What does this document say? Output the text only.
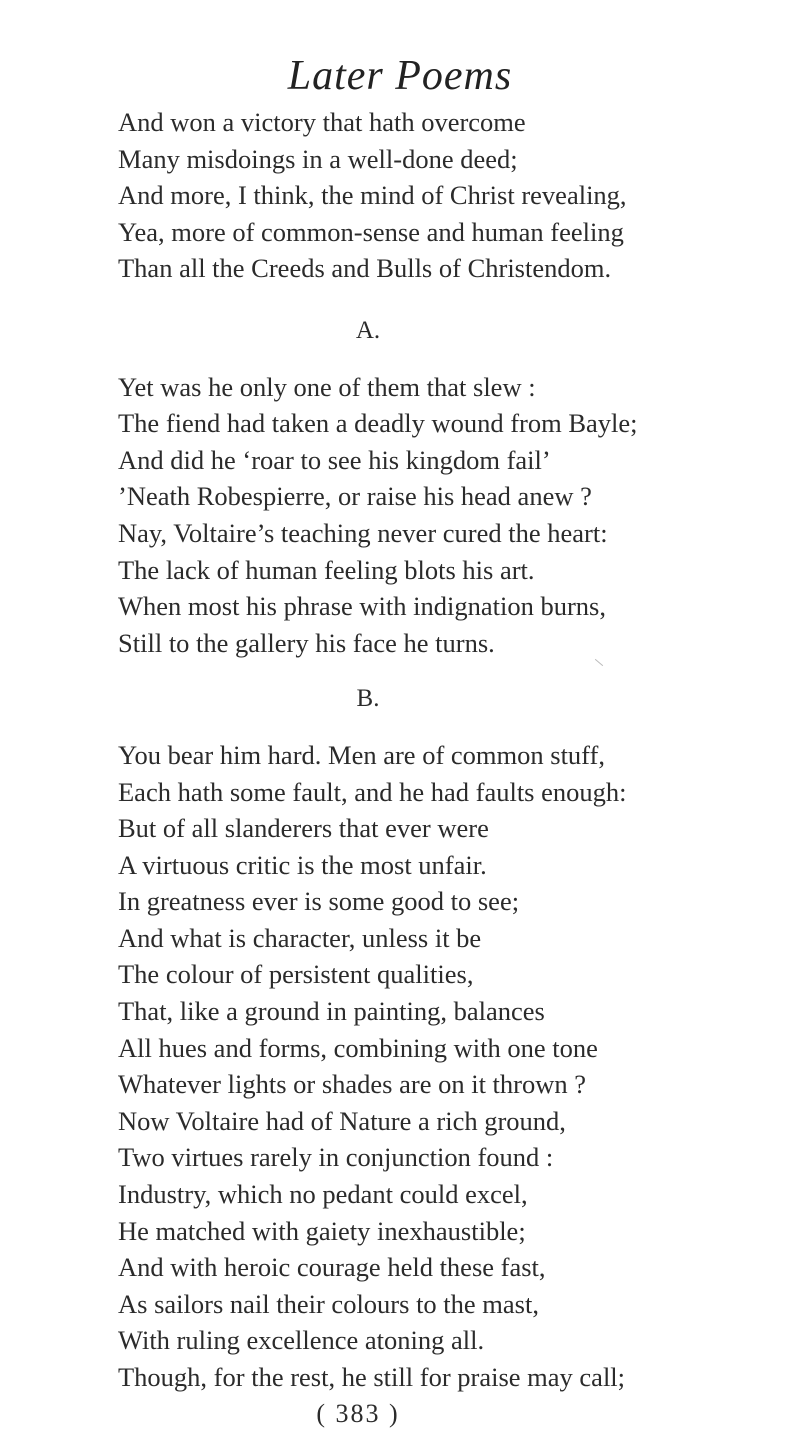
Later Poems
And won a victory that hath overcome
Many misdoings in a well-done deed;
And more, I think, the mind of Christ revealing,
Yea, more of common-sense and human feeling
Than all the Creeds and Bulls of Christendom.
A.
Yet was he only one of them that slew :
The fiend had taken a deadly wound from Bayle;
And did he ‘roar to see his kingdom fail’
’Neath Robespierre, or raise his head anew ?
Nay, Voltaire’s teaching never cured the heart:
The lack of human feeling blots his art.
When most his phrase with indignation burns,
Still to the gallery his face he turns.
B.
You bear him hard. Men are of common stuff,
Each hath some fault, and he had faults enough:
But of all slanderers that ever were
A virtuous critic is the most unfair.
In greatness ever is some good to see;
And what is character, unless it be
The colour of persistent qualities,
That, like a ground in painting, balances
All hues and forms, combining with one tone
Whatever lights or shades are on it thrown ?
Now Voltaire had of Nature a rich ground,
Two virtues rarely in conjunction found :
Industry, which no pedant could excel,
He matched with gaiety inexhaustible;
And with heroic courage held these fast,
As sailors nail their colours to the mast,
With ruling excellence atoning all.
Though, for the rest, he still for praise may call;
( 383 )
